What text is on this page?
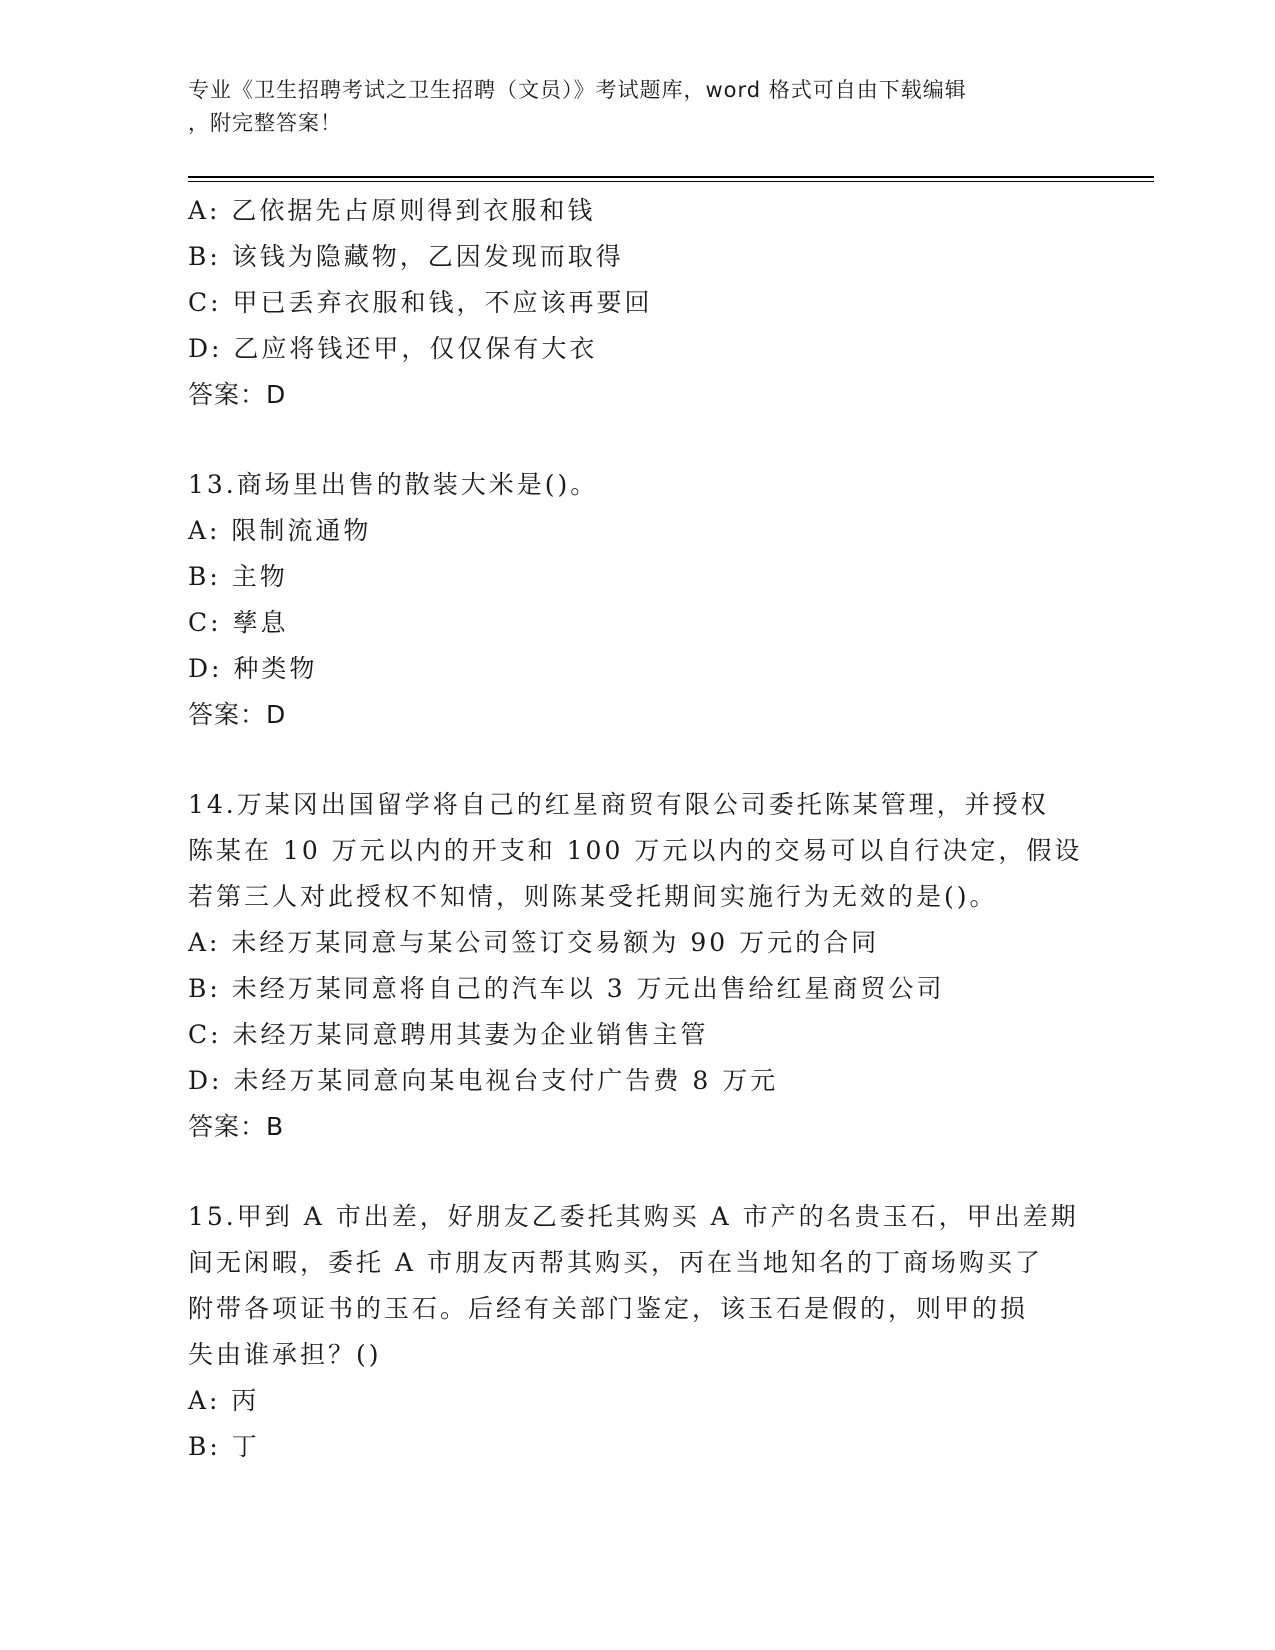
专业《卫生招聘考试之卫生招聘（文员）》考试题库，word 格式可自由下载编辑
，附完整答案！
A: 乙依据先占原则得到衣服和钱
B: 该钱为隐藏物，乙因发现而取得
C: 甲已丢弃衣服和钱，不应该再要回
D: 乙应将钱还甲，仅仅保有大衣
答案：D
13.商场里出售的散装大米是()。
A: 限制流通物
B: 主物
C: 孳息
D: 种类物
答案：D
14.万某冈出国留学将自己的红星商贸有限公司委托陈某管理，并授权
陈某在 10 万元以内的开支和 100 万元以内的交易可以自行决定，假设
若第三人对此授权不知情，则陈某受托期间实施行为无效的是()。
A: 未经万某同意与某公司签订交易额为 90 万元的合同
B: 未经万某同意将自己的汽车以 3 万元出售给红星商贸公司
C: 未经万某同意聘用其妻为企业销售主管
D: 未经万某同意向某电视台支付广告费 8 万元
答案：B
15.甲到 A 市出差，好朋友乙委托其购买 A 市产的名贵玉石，甲出差期
间无闲暇，委托 A 市朋友丙帮其购买，丙在当地知名的丁商场购买了
附带各项证书的玉石。后经有关部门鉴定，该玉石是假的，则甲的损
失由谁承担？()
A: 丙
B: 丁
